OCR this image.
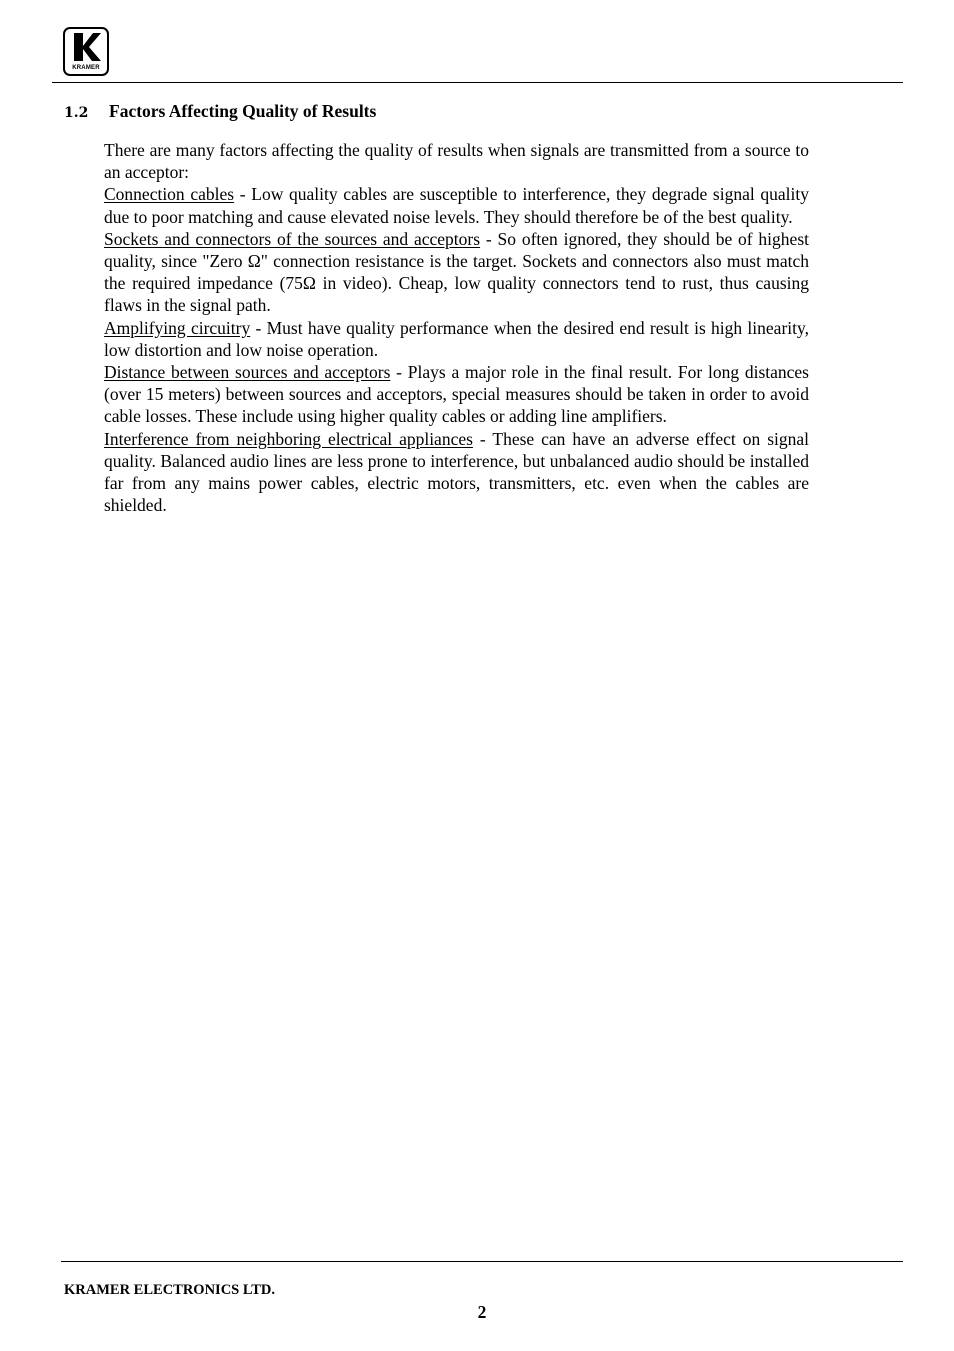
KRAMER
1.2 Factors Affecting Quality of Results

There are many factors affecting the quality of results when signals are transmitted from a source to an acceptor:

Connection cables - Low quality cables are susceptible to interference, they degrade signal quality due to poor matching and cause elevated noise levels. They should therefore be of the best quality.

Sockets and connectors of the sources and acceptors - So often ignored, they should be of highest quality, since "Zero Ω" connection resistance is the target. Sockets and connectors also must match the required impedance (75Ω in video). Cheap, low quality connectors tend to rust, thus causing flaws in the signal path.

Amplifying circuitry - Must have quality performance when the desired end result is high linearity, low distortion and low noise operation.

Distance between sources and acceptors - Plays a major role in the final result. For long distances (over 15 meters) between sources and acceptors, special measures should be taken in order to avoid cable losses. These include using higher quality cables or adding line amplifiers.

Interference from neighboring electrical appliances - These can have an adverse effect on signal quality. Balanced audio lines are less prone to interference, but unbalanced audio should be installed far from any mains power cables, electric motors, transmitters, etc. even when the cables are shielded.

KRAMER ELECTRONICS LTD.
2
